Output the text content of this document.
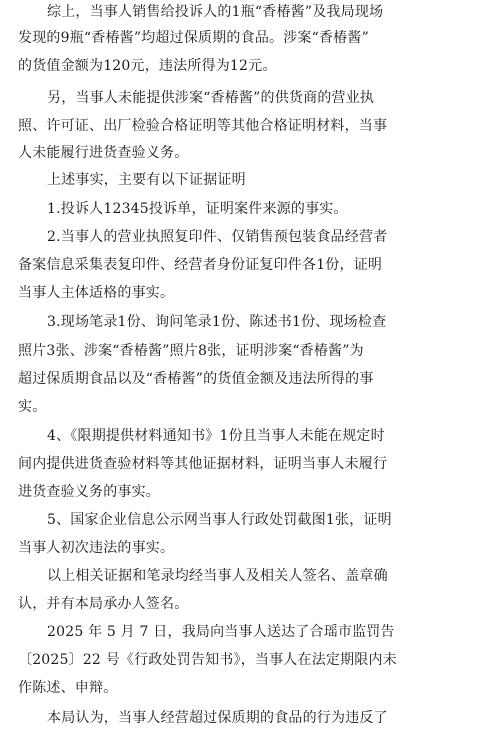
综上，当事人销售给投诉人的1瓶“香椿酱”及我局现场
发现的9瓶“香椿酱”均超过保质期的食品。涉案“香椿酱”
的货值金额为120元，违法所得为12元。
另，当事人未能提供涉案“香椿酱”的供货商的营业执
照、许可证、出厂检验合格证明等其他合格证明材料，当事
人未能履行进货查验义务。
上述事实，主要有以下证据证明
1.投诉人12345投诉单，证明案件来源的事实。
2.当事人的营业执照复印件、仅销售预包装食品经营者
备案信息采集表复印件、经营者身份证复印件各1份，证明
当事人主体适格的事实。
3.现场笔录1份、询问笔录1份、陈述书1份、现场检查
照片3张、涉案“香椿酱”照片8张，证明涉案“香椿酱”为
超过保质期食品以及“香椿酱”的货值金额及违法所得的事
实。
4、《限期提供材料通知书》1份且当事人未能在规定时
间内提供进货查验材料等其他证据材料，证明当事人未履行
进货查验义务的事实。
5、国家企业信息公示网当事人行政处罚截图1张，证明
当事人初次违法的事实。
以上相关证据和笔录均经当事人及相关人签名、盖章确
认，并有本局承办人签名。
2025 年 5 月 7 日，我局向当事人送达了合瑶市监罚告
〔2025〕22 号《行政处罚告知书》，当事人在法定期限内未
作陈述、申辩。
本局认为，当事人经营超过保质期的食品的行为违反了
